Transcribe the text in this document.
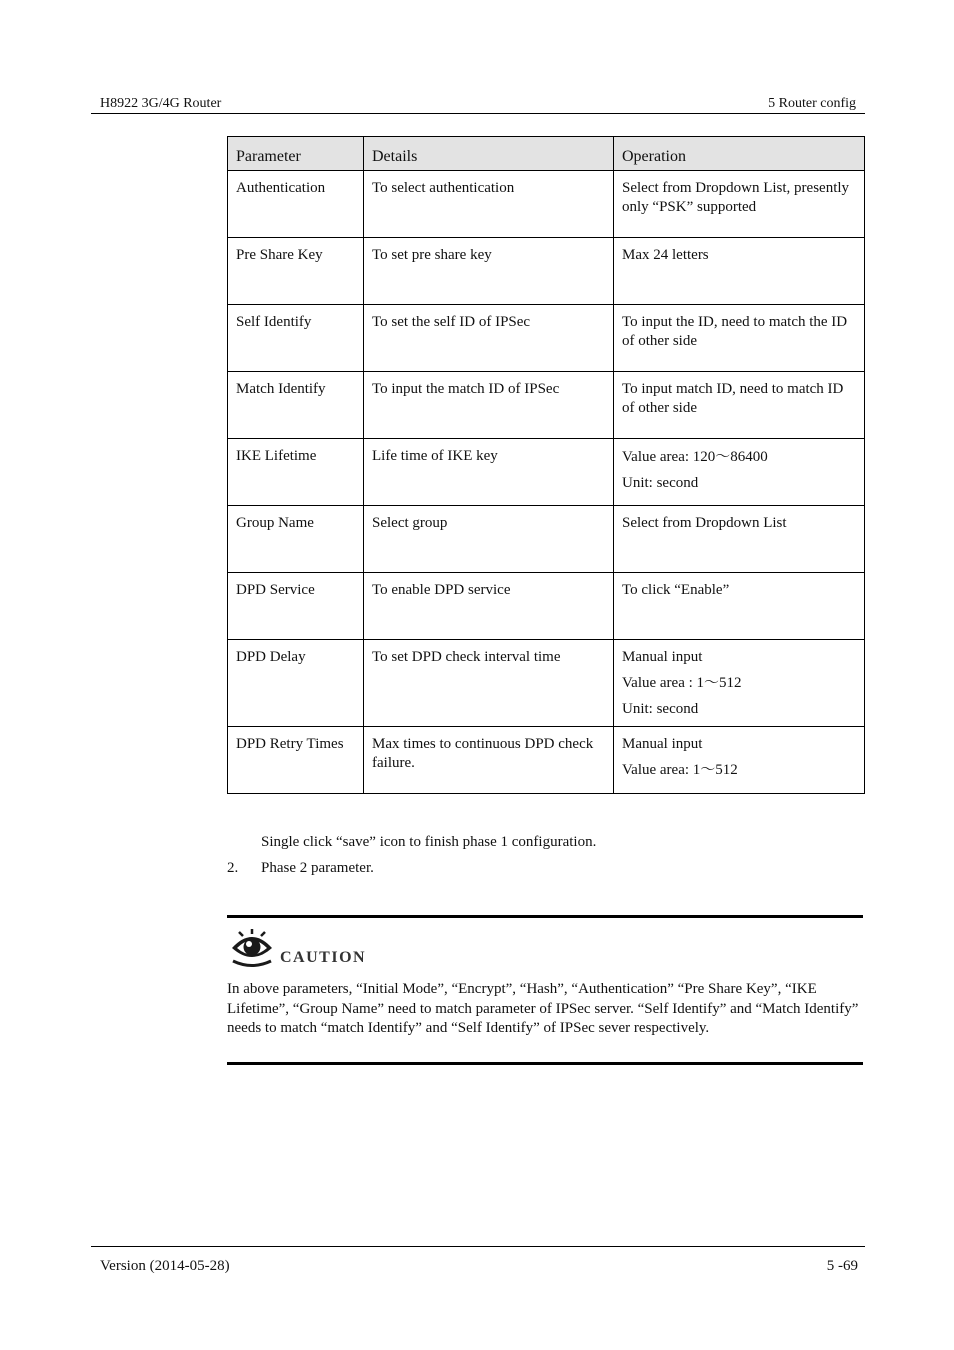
H8922 3G/4G Router	5 Router config
Parameter	Details	Operation
Authentication	To select authentication	Select from Dropdown List, presently only “PSK” supported

Pre Share Key	To set pre share key	Max 24 letters

Self Identify	To set the self ID of IPSec	To input the ID, need to match the ID of other side

Match Identify	To input the match ID of IPSec	To input match ID, need to match ID of other side

IKE Lifetime	Life time of IKE key	Value area: 120～86400
Unit: second

Group Name	Select group	Select from Dropdown List

DPD Service	To enable DPD service	To click “Enable”

DPD Delay	To set DPD check interval time	Manual input
Value area : 1～512
Unit: second

DPD Retry Times	Max times to continuous DPD check failure.	Manual input
Value area: 1～512
Single click “save” icon to finish phase 1 configuration.
2. Phase 2 parameter.
CAUTION
In above parameters, “Initial Mode”, “Encrypt”, “Hash”, “Authentication” “Pre Share Key”, “IKE Lifetime”, “Group Name” need to match parameter of IPSec server. “Self Identify” and “Match Identify” needs to match “match Identify” and “Self Identify” of IPSec sever respectively.
Version (2014-05-28)	5 -69
